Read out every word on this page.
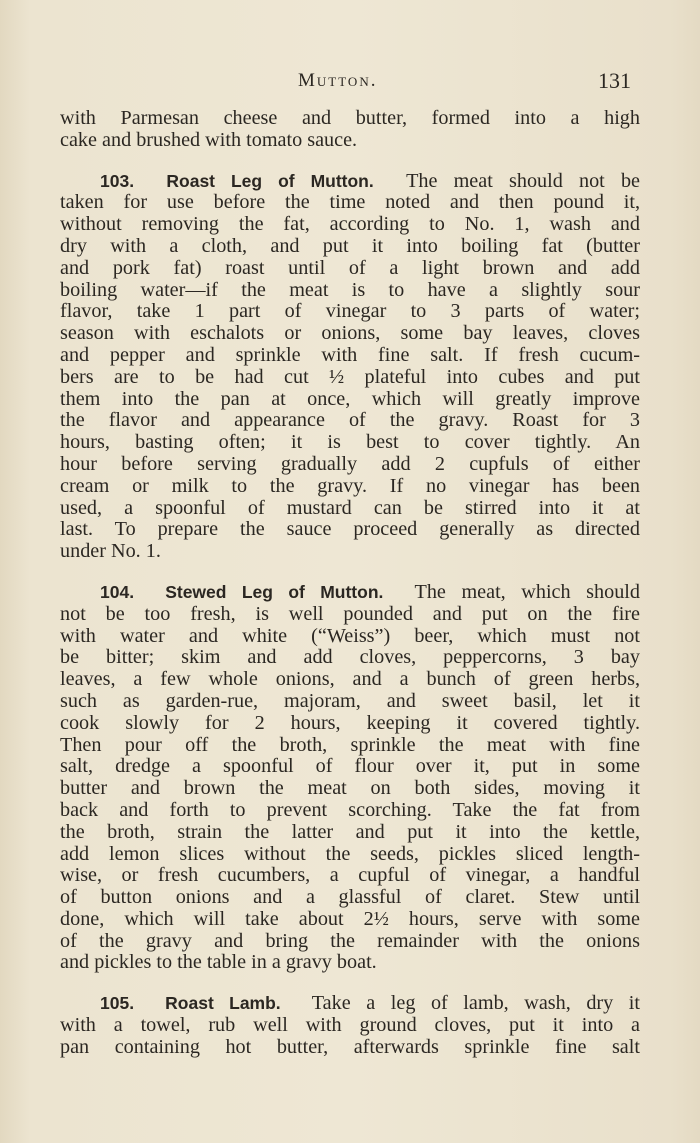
Mutton.	131

with Parmesan cheese and butter, formed into a high
cake and brushed with tomato sauce.

103. Roast Leg of Mutton. The meat should not be
taken for use before the time noted and then pound it,
without removing the fat, according to No. 1, wash and
dry with a cloth, and put it into boiling fat (butter
and pork fat) roast until of a light brown and add
boiling water—if the meat is to have a slightly sour
flavor, take 1 part of vinegar to 3 parts of water;
season with eschalots or onions, some bay leaves, cloves
and pepper and sprinkle with fine salt. If fresh cucum-
bers are to be had cut ½ plateful into cubes and put
them into the pan at once, which will greatly improve
the flavor and appearance of the gravy. Roast for 3
hours, basting often; it is best to cover tightly. An
hour before serving gradually add 2 cupfuls of either
cream or milk to the gravy. If no vinegar has been
used, a spoonful of mustard can be stirred into it at
last. To prepare the sauce proceed generally as directed
under No. 1.

104. Stewed Leg of Mutton. The meat, which should
not be too fresh, is well pounded and put on the fire
with water and white (“Weiss”) beer, which must not
be bitter; skim and add cloves, peppercorns, 3 bay
leaves, a few whole onions, and a bunch of green herbs,
such as garden-rue, majoram, and sweet basil, let it
cook slowly for 2 hours, keeping it covered tightly.
Then pour off the broth, sprinkle the meat with fine
salt, dredge a spoonful of flour over it, put in some
butter and brown the meat on both sides, moving it
back and forth to prevent scorching. Take the fat from
the broth, strain the latter and put it into the kettle,
add lemon slices without the seeds, pickles sliced length-
wise, or fresh cucumbers, a cupful of vinegar, a handful
of button onions and a glassful of claret. Stew until
done, which will take about 2½ hours, serve with some
of the gravy and bring the remainder with the onions
and pickles to the table in a gravy boat.

105. Roast Lamb. Take a leg of lamb, wash, dry it
with a towel, rub well with ground cloves, put it into a
pan containing hot butter, afterwards sprinkle fine salt
